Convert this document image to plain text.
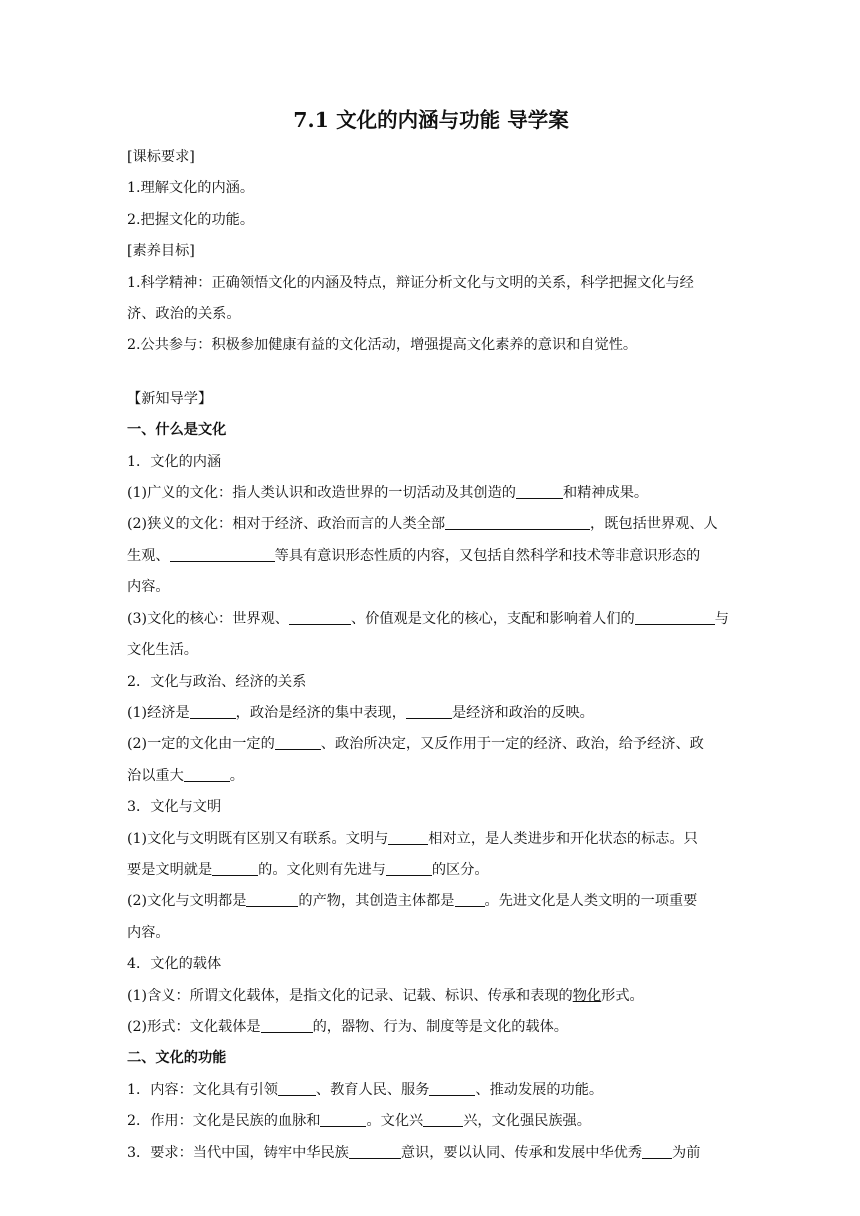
7.1 文化的内涵与功能 导学案

[课标要求]

1.理解文化的内涵。

2.把握文化的功能。

[素养目标]

1.科学精神：正确领悟文化的内涵及特点，辩证分析文化与文明的关系，科学把握文化与经

济、政治的关系。

2.公共参与：积极参加健康有益的文化活动，增强提高文化素养的意识和自觉性。

【新知导学】

一、什么是文化

1．文化的内涵

(1)广义的文化：指人类认识和改造世界的一切活动及其创造的	和精神成果。

(2)狭义的文化：相对于经济、政治而言的人类全部	，既包括世界观、人

生观、	等具有意识形态性质的内容，又包括自然科学和技术等非意识形态的

内容。

(3)文化的核心：世界观、	、价值观是文化的核心，支配和影响着人们的	与

文化生活。

2．文化与政治、经济的关系

(1)经济是	，政治是经济的集中表现，	是经济和政治的反映。

(2)一定的文化由一定的	、政治所决定，又反作用于一定的经济、政治，给予经济、政

治以重大	。

3．文化与文明

(1)文化与文明既有区别又有联系。文明与	相对立，是人类进步和开化状态的标志。只

要是文明就是	的。文化则有先进与	的区分。

(2)文化与文明都是	的产物，其创造主体都是 。先进文化是人类文明的一项重要

内容。

4．文化的载体

(1)含义：所谓文化载体，是指文化的记录、记载、标识、传承和表现的物化形式。

(2)形式：文化载体是	的，器物、行为、制度等是文化的载体。

二、文化的功能

1．内容：文化具有引领	、教育人民、服务	、推动发展的功能。

2．作用：文化是民族的血脉和	。文化兴	兴，文化强民族强。

3．要求：当代中国，铸牢中华民族	意识，要以认同、传承和发展中华优秀 为前
